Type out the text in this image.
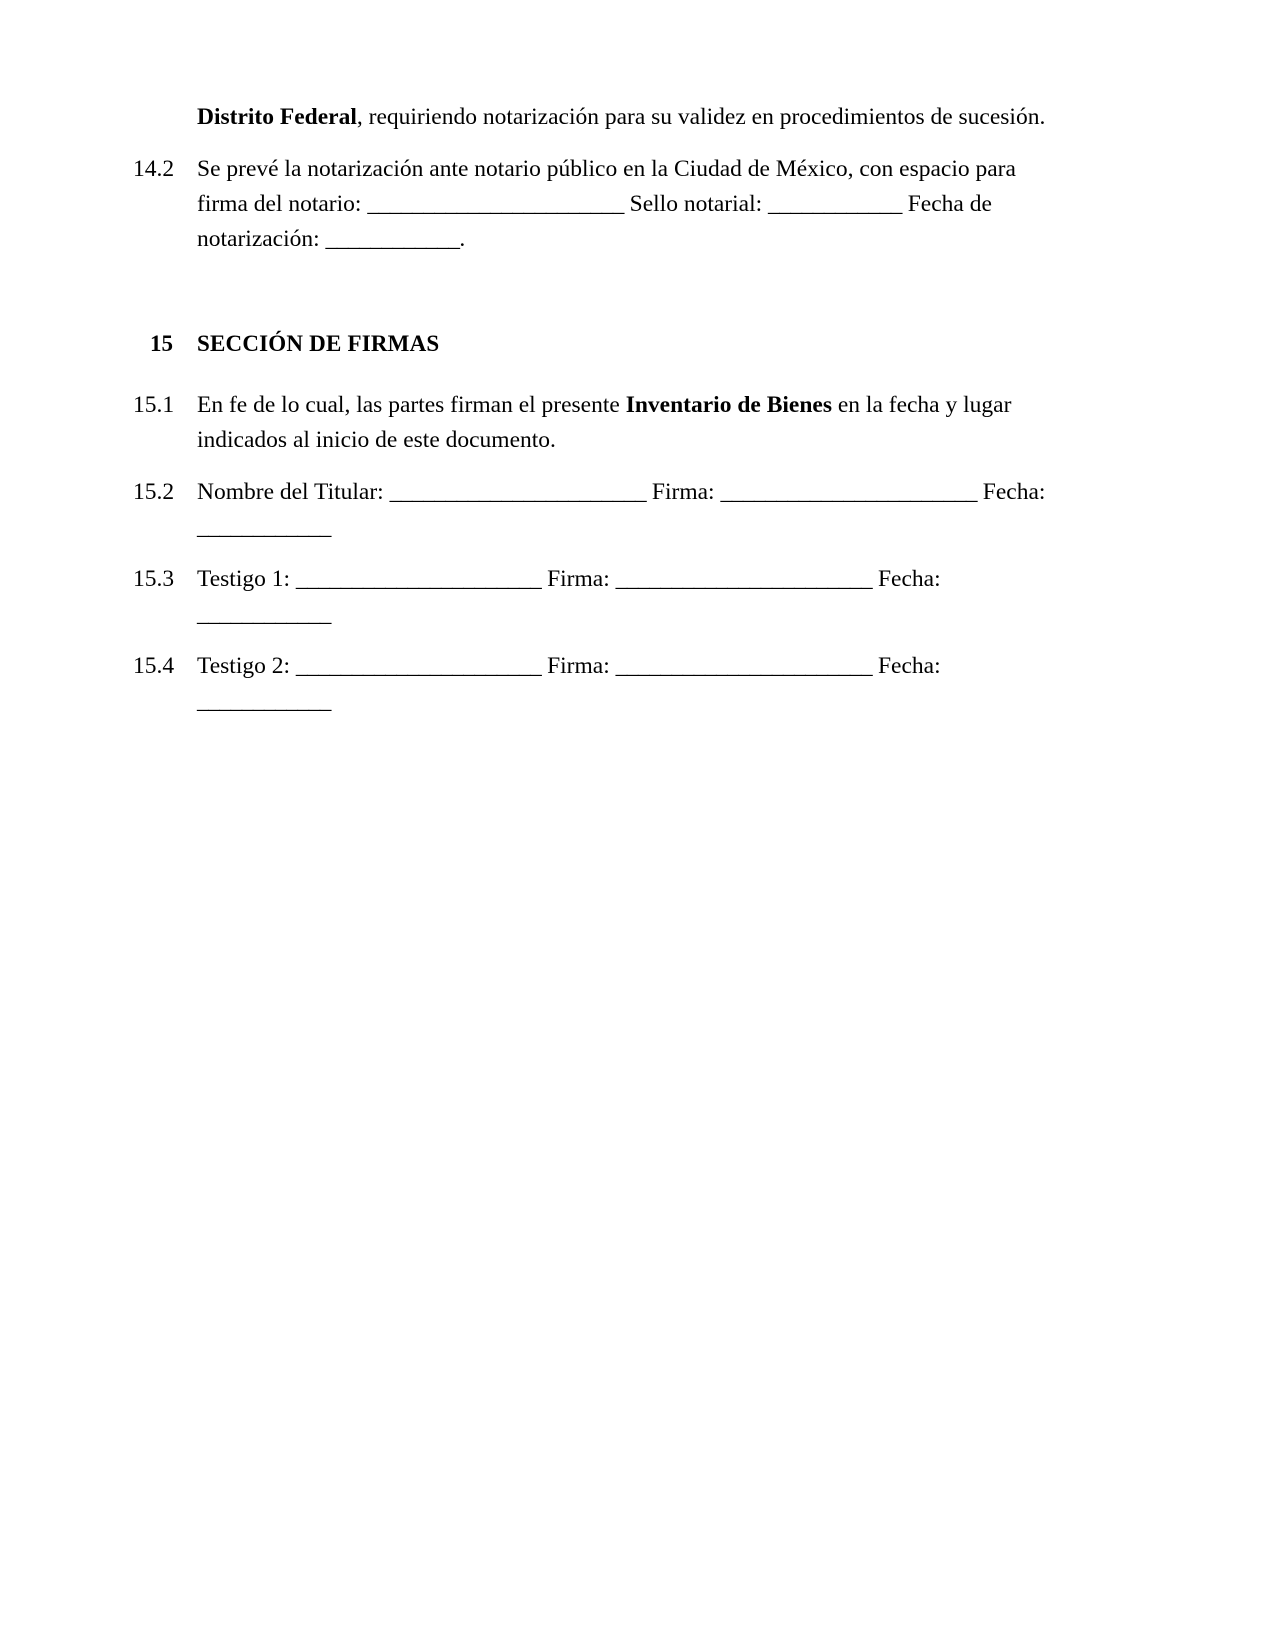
Distrito Federal, requiriendo notarización para su validez en procedimientos de sucesión.
14.2 Se prevé la notarización ante notario público en la Ciudad de México, con espacio para firma del notario: _______________________ Sello notarial: ____________ Fecha de notarización: ____________.
15	SECCIÓN DE FIRMAS
15.1 En fe de lo cual, las partes firman el presente Inventario de Bienes en la fecha y lugar indicados al inicio de este documento.
15.2 Nombre del Titular: _______________________ Firma: _______________________ Fecha: ____________
15.3 Testigo 1: ______________________ Firma: _______________________ Fecha: ____________
15.4 Testigo 2: ______________________ Firma: _______________________ Fecha: ____________
